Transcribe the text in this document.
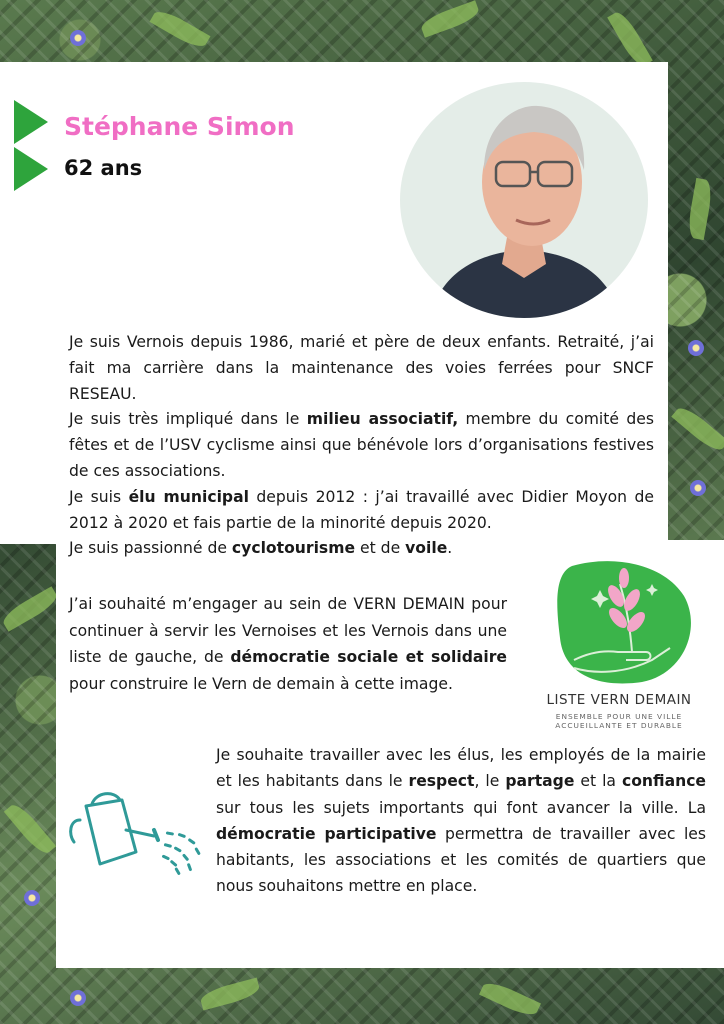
Stéphane Simon
62 ans

Je suis Vernois depuis 1986, marié et père de deux enfants. Retraité, j’ai fait ma carrière dans la maintenance des voies ferrées pour SNCF RESEAU.

Je suis très impliqué dans le milieu associatif, membre du comité des fêtes et de l’USV cyclisme ainsi que bénévole lors d’organisations festives de ces associations.

Je suis élu municipal depuis 2012 : j’ai travaillé avec Didier Moyon de 2012 à 2020 et fais partie de la minorité depuis 2020.

Je suis passionné de cyclotourisme et de voile.

J’ai souhaité m’engager au sein de VERN DEMAIN pour continuer à servir les Vernoises et les Vernois dans une liste de gauche, de démocratie sociale et solidaire pour construire le Vern de demain à cette image.

LISTE VERN DEMAIN
ENSEMBLE POUR UNE VILLE ACCUEILLANTE ET DURABLE

Je souhaite travailler avec les élus, les employés de la mairie et les habitants dans le respect, le partage et la confiance sur tous les sujets importants qui font avancer la ville. La démocratie participative permettra de travailler avec les habitants, les associations et les comités de quartiers que nous souhaitons mettre en place.
